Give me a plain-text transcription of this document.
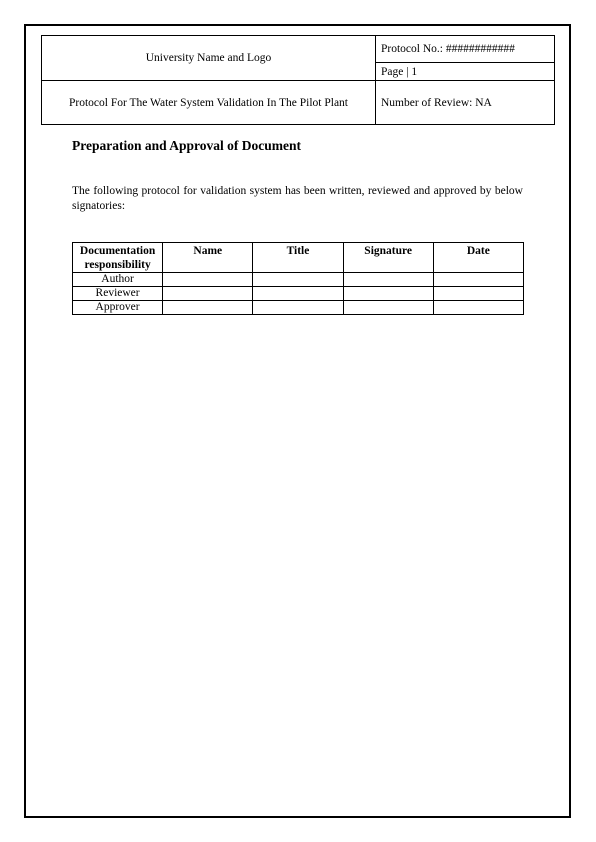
University Name and Logo	Protocol No.: ############
	Page | 1
Protocol For The Water System Validation In The Pilot Plant	Number of Review: NA
Preparation and Approval of Document

The following protocol for validation system has been written, reviewed and approved by below signatories:

Documentation responsibility	Name	Title	Signature	Date
Author				
Reviewer				
Approver				
